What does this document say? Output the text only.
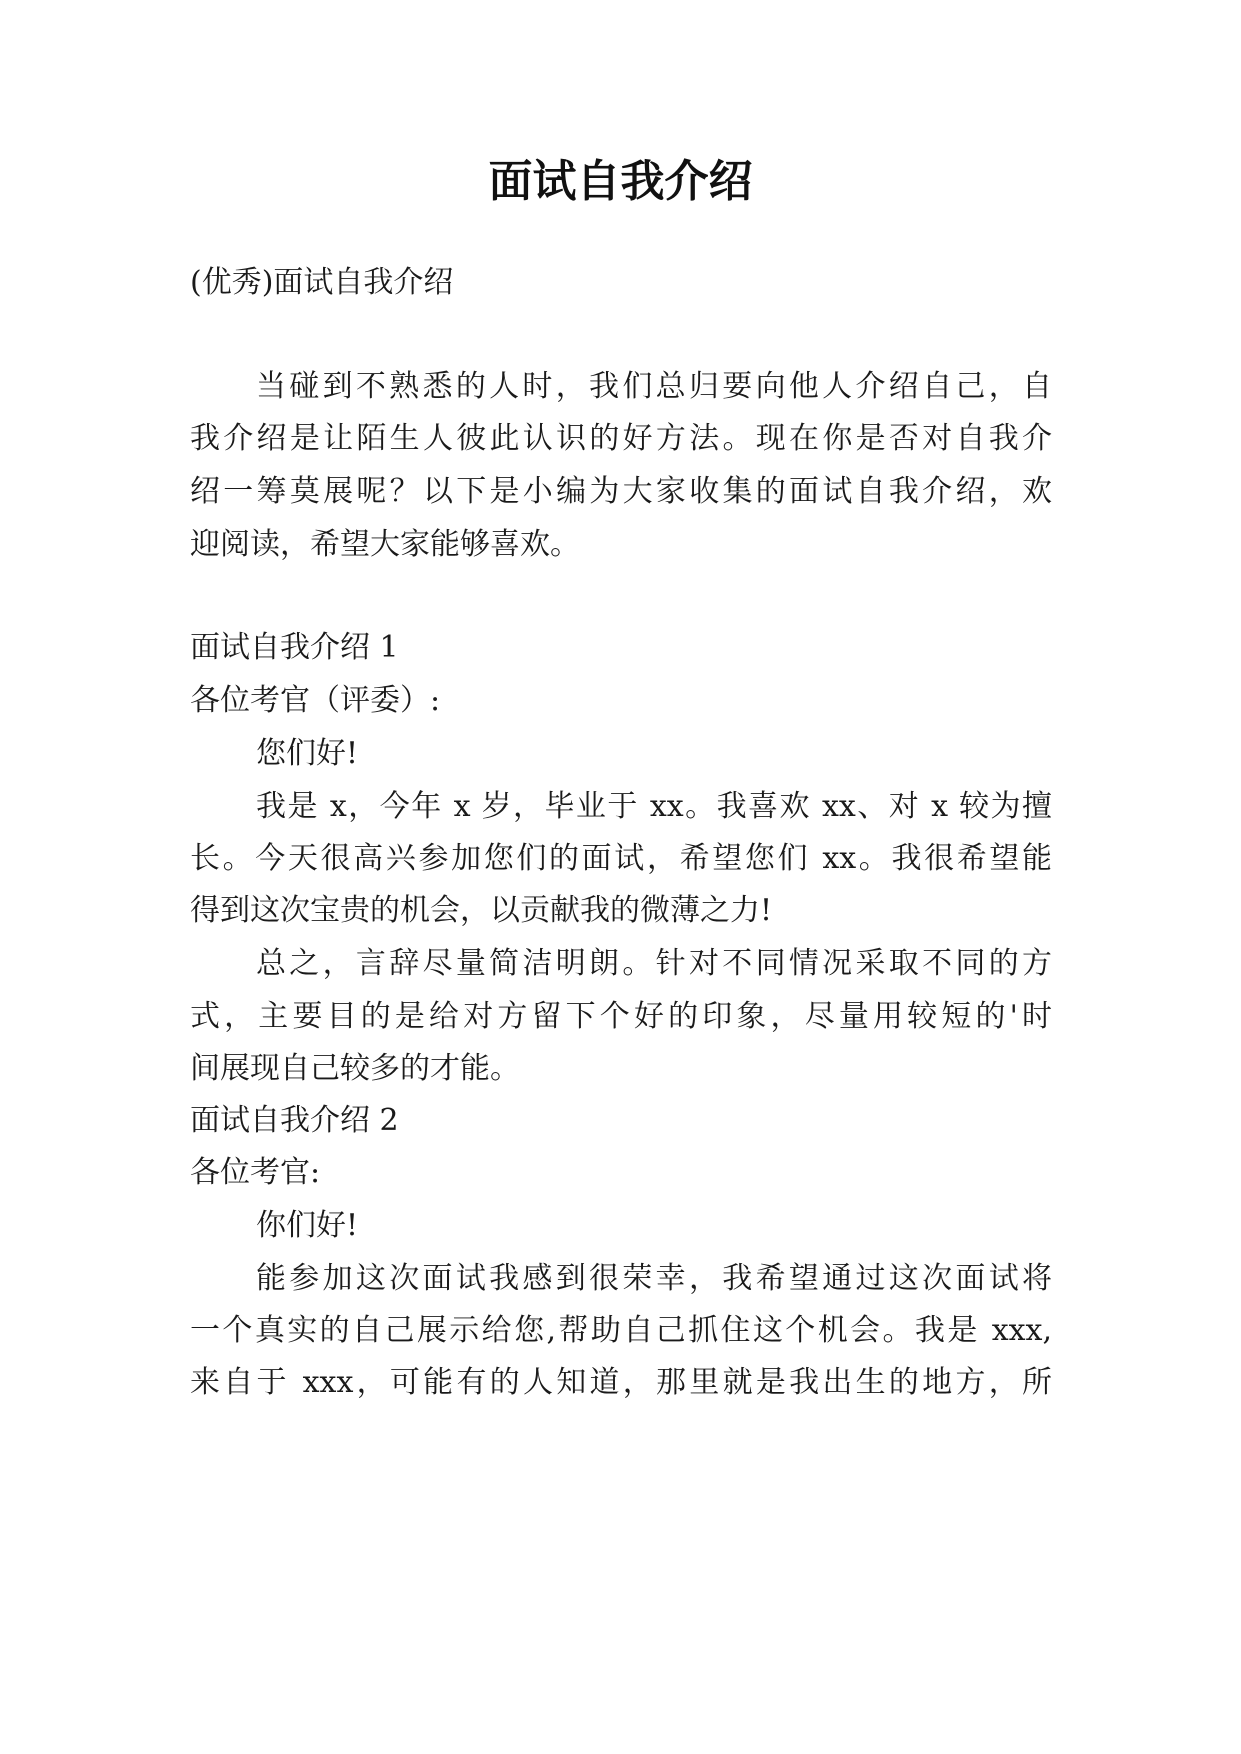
面试自我介绍
(优秀)面试自我介绍
当碰到不熟悉的人时，我们总归要向他人介绍自己，自
我介绍是让陌生人彼此认识的好方法。现在你是否对自我介
绍一筹莫展呢？以下是小编为大家收集的面试自我介绍，欢
迎阅读，希望大家能够喜欢。
面试自我介绍 1
各位考官（评委）:
您们好!
我是 x，今年 x 岁，毕业于 xx。我喜欢 xx、对 x 较为擅
长。今天很高兴参加您们的面试，希望您们 xx。我很希望能
得到这次宝贵的机会，以贡献我的微薄之力!
总之，言辞尽量简洁明朗。针对不同情况采取不同的方
式，主要目的是给对方留下个好的印象，尽量用较短的'时
间展现自己较多的才能。
面试自我介绍 2
各位考官:
你们好!
能参加这次面试我感到很荣幸，我希望通过这次面试将
一个真实的自己展示给您,帮助自己抓住这个机会。我是 xxx,
来自于 xxx，可能有的人知道，那里就是我出生的地方，所
